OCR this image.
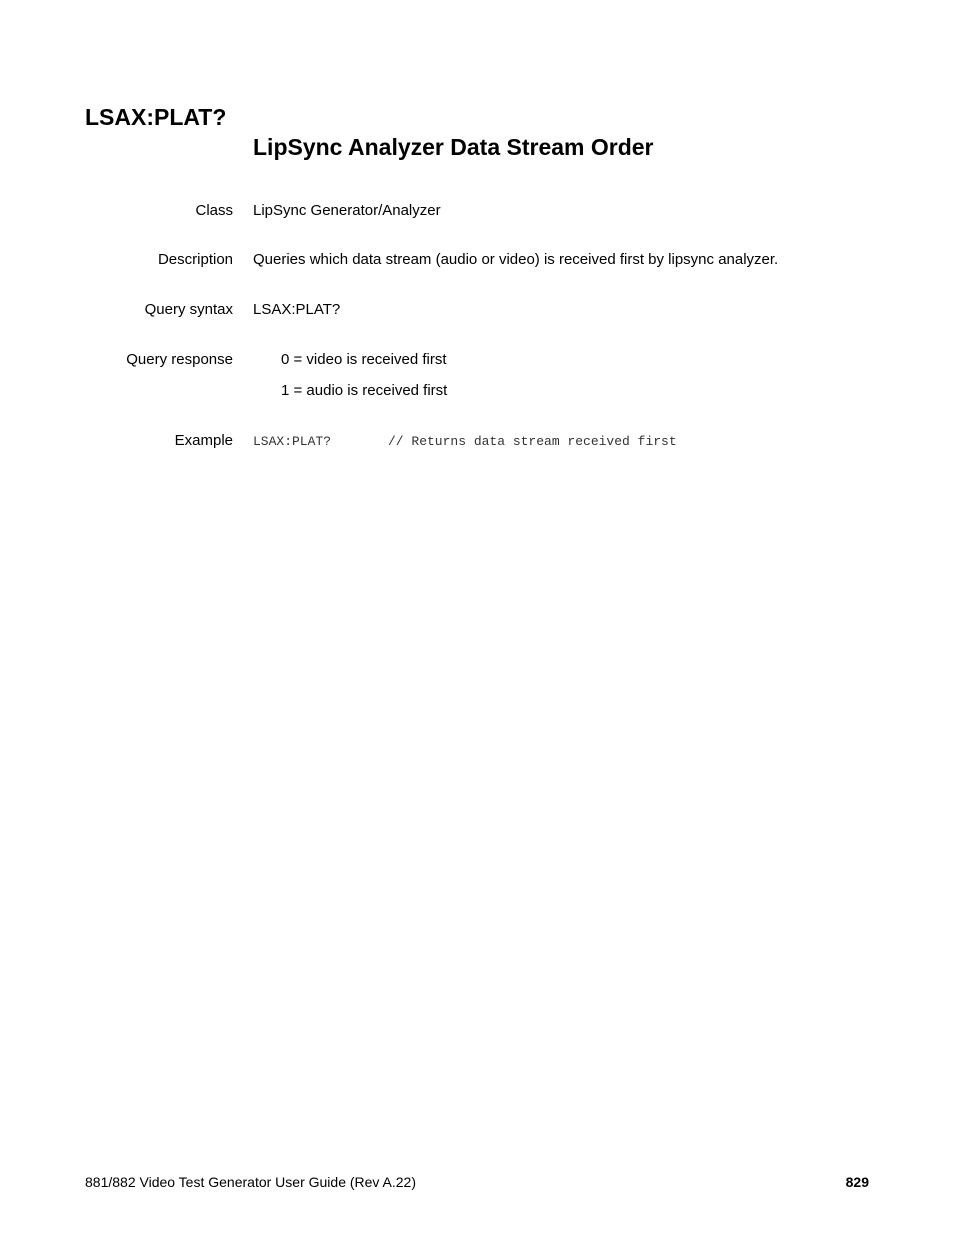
LSAX:PLAT?
LipSync Analyzer Data Stream Order
Class LipSync Generator/Analyzer
Description Queries which data stream (audio or video) is received first by lipsync analyzer.
Query syntax LSAX:PLAT?
Query response	0 = video is received first
1 = audio is received first
Example LSAX:PLAT?	// Returns data stream received first
881/882 Video Test Generator User Guide (Rev A.22)	829
